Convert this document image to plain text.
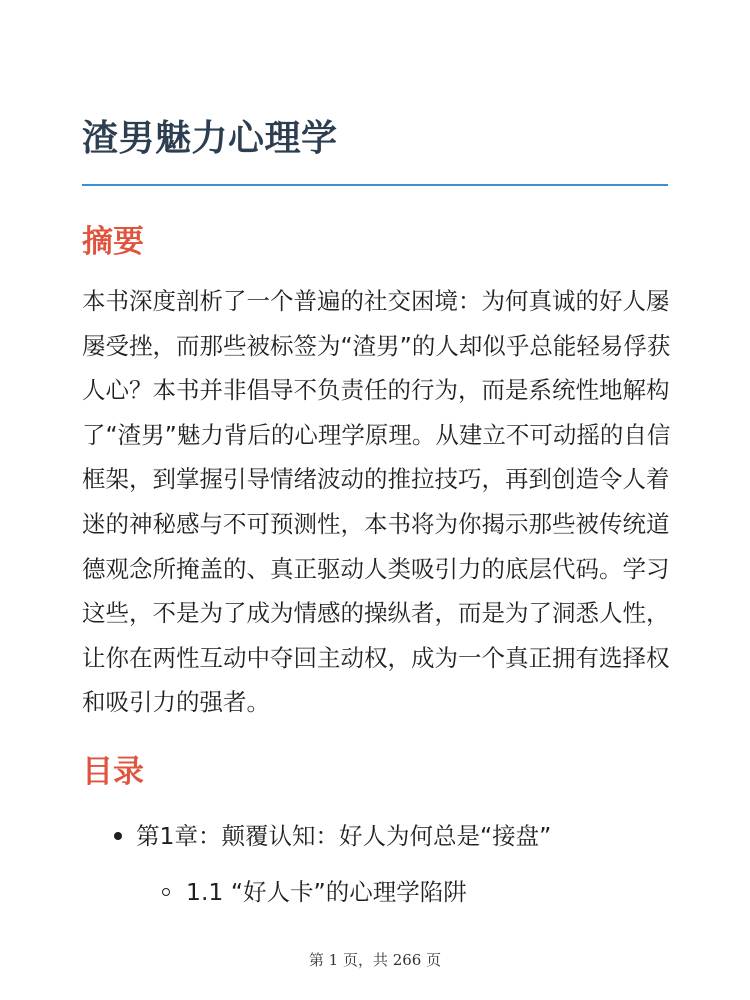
渣男魅力心理学
摘要

本书深度剖析了一个普遍的社交困境：为何真诚的好人屡屡受挫，而那些被标签为“渣男”的人却似乎总能轻易俘获人心？本书并非倡导不负责任的行为，而是系统性地解构了“渣男”魅力背后的心理学原理。从建立不可动摇的自信框架，到掌握引导情绪波动的推拉技巧，再到创造令人着迷的神秘感与不可预测性，本书将为你揭示那些被传统道德观念所掩盖的、真正驱动人类吸引力的底层代码。学习这些，不是为了成为情感的操纵者，而是为了洞悉人性，让你在两性互动中夺回主动权，成为一个真正拥有选择权和吸引力的强者。

目录
第1章：颠覆认知：好人为何总是“接盘”
1.1 “好人卡”的心理学陷阱
第 1 页，共 266 页
